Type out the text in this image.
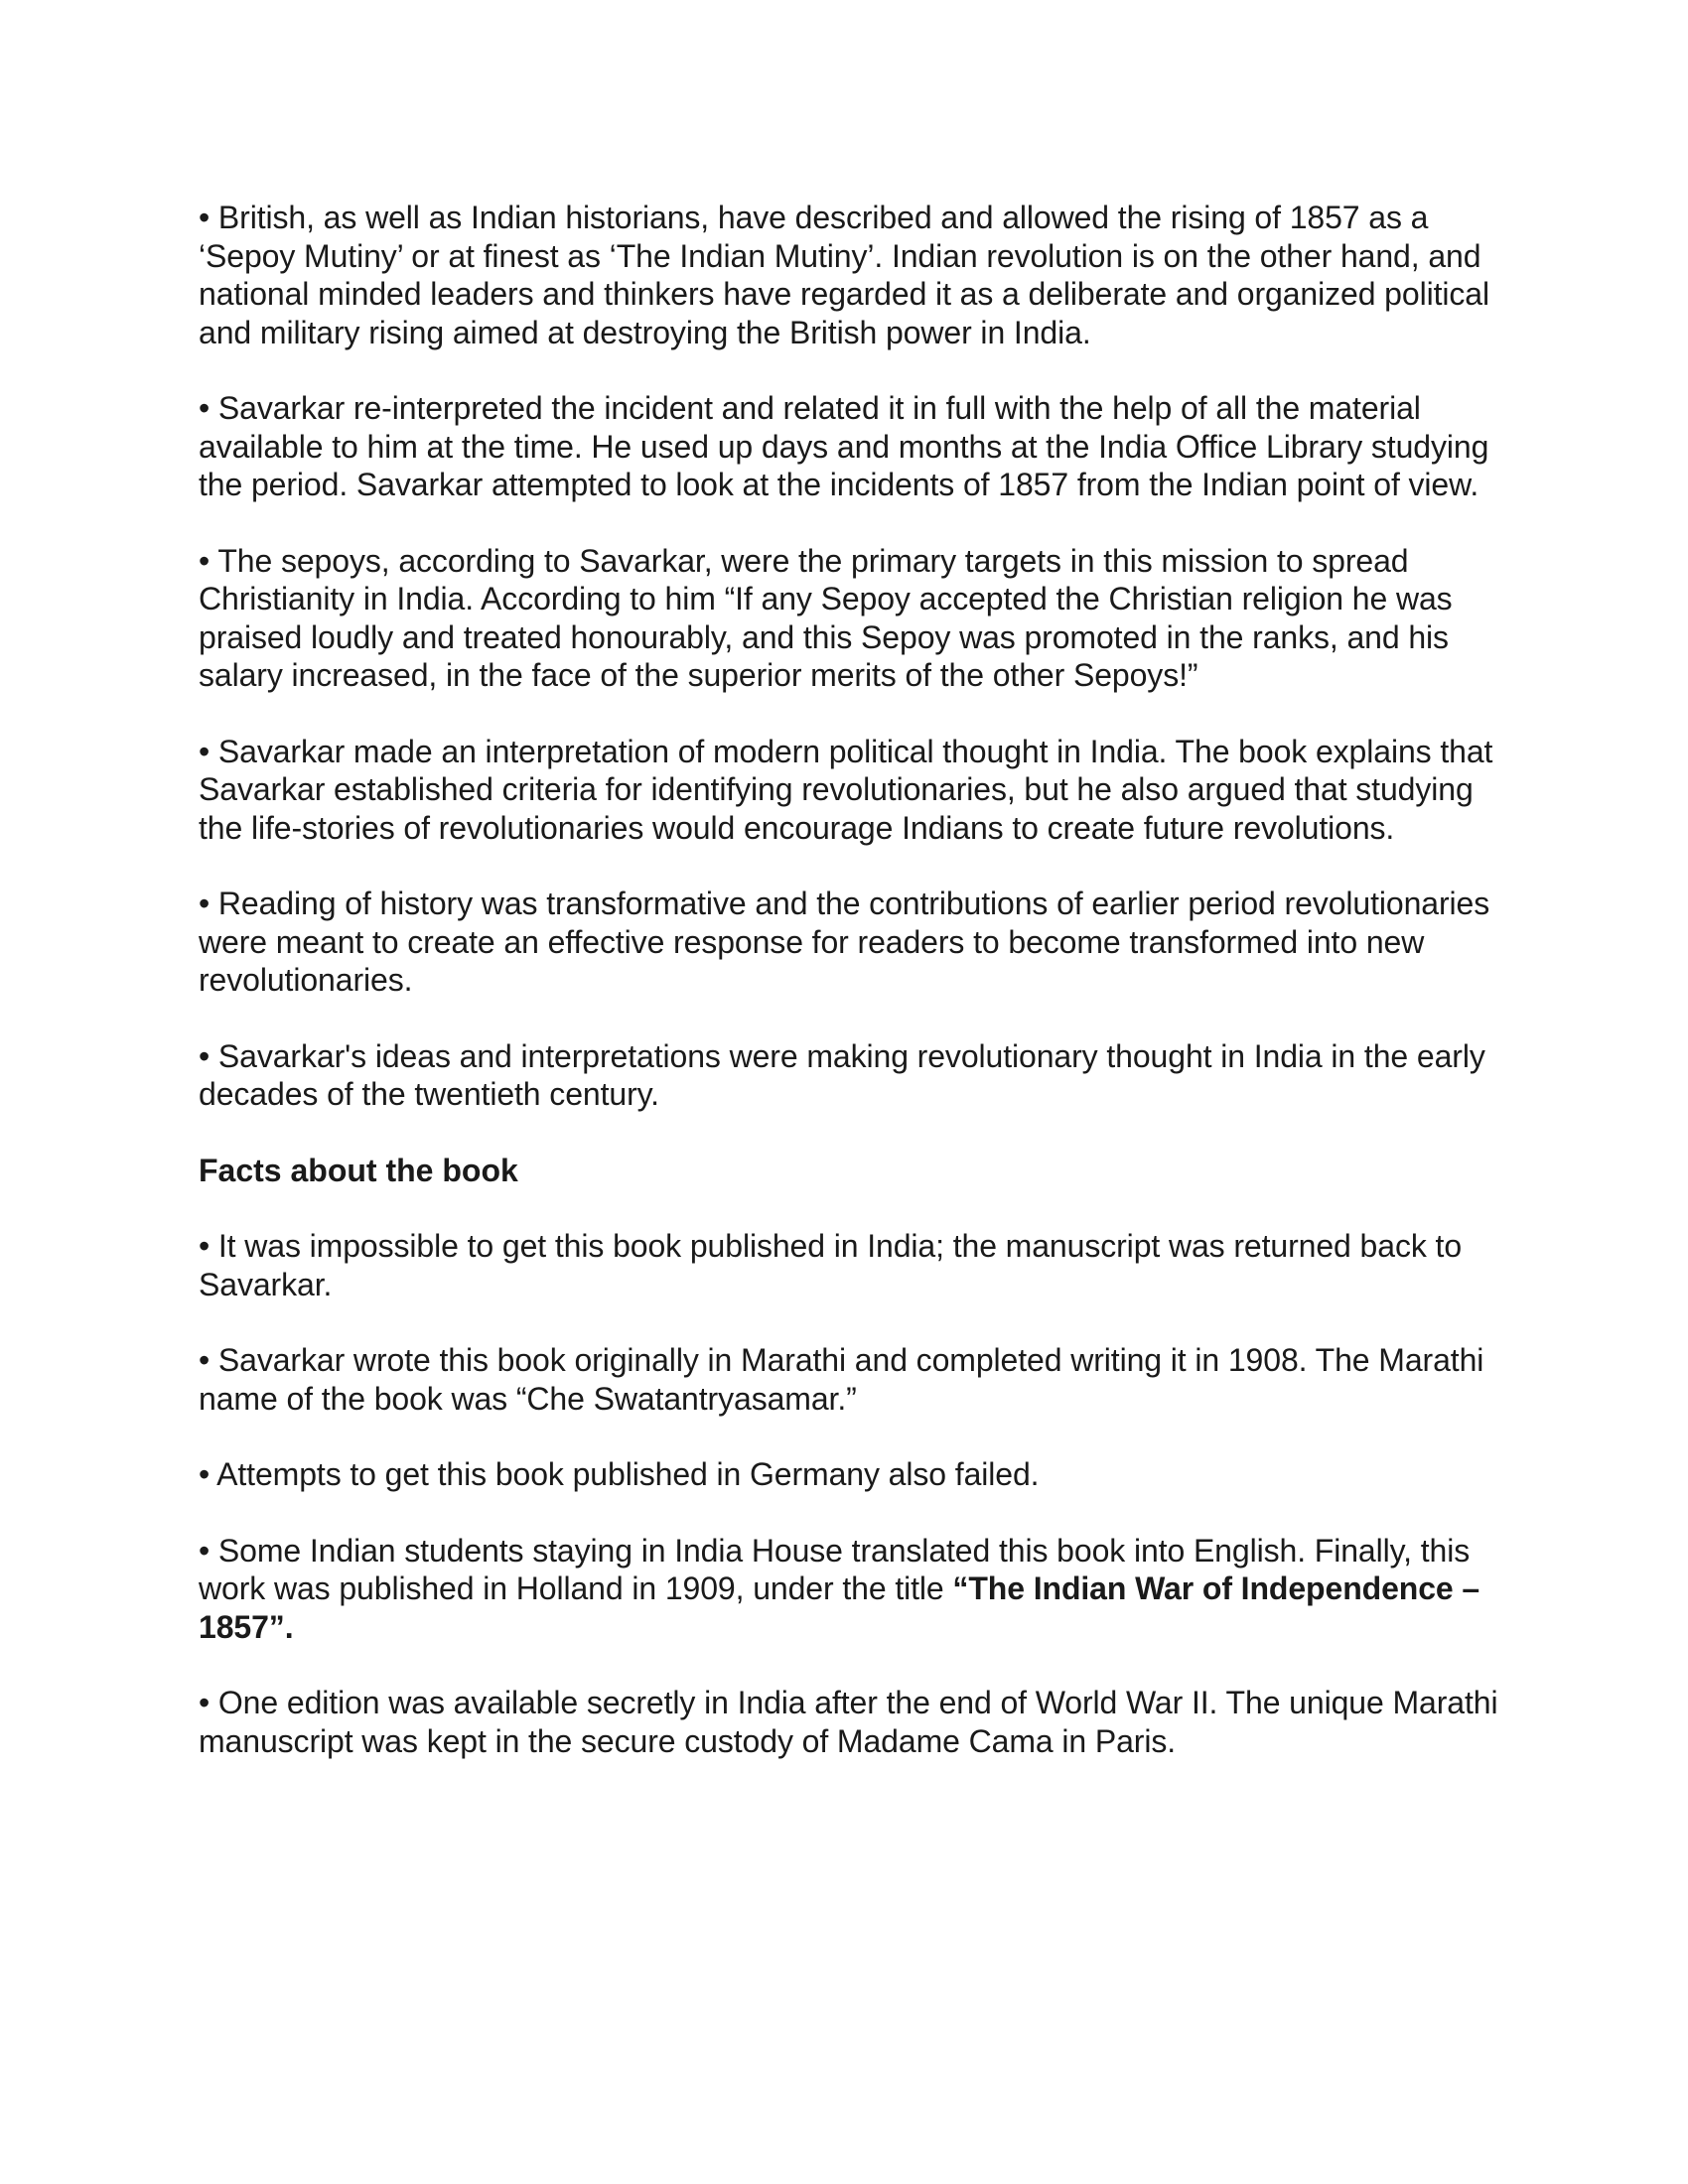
• British, as well as Indian historians, have described and allowed the rising of 1857 as a ‘Sepoy Mutiny’ or at finest as ‘The Indian Mutiny’. Indian revolution is on the other hand, and national minded leaders and thinkers have regarded it as a deliberate and organized political and military rising aimed at destroying the British power in India.

• Savarkar re-interpreted the incident and related it in full with the help of all the material available to him at the time. He used up days and months at the India Office Library studying the period. Savarkar attempted to look at the incidents of 1857 from the Indian point of view.

• The sepoys, according to Savarkar, were the primary targets in this mission to spread Christianity in India. According to him “If any Sepoy accepted the Christian religion he was praised loudly and treated honourably, and this Sepoy was promoted in the ranks, and his salary increased, in the face of the superior merits of the other Sepoys!”

• Savarkar made an interpretation of modern political thought in India. The book explains that Savarkar established criteria for identifying revolutionaries, but he also argued that studying the life-stories of revolutionaries would encourage Indians to create future revolutions.

• Reading of history was transformative and the contributions of earlier period revolutionaries were meant to create an effective response for readers to become transformed into new revolutionaries.

• Savarkar's ideas and interpretations were making revolutionary thought in India in the early decades of the twentieth century.

Facts about the book

• It was impossible to get this book published in India; the manuscript was returned back to Savarkar.

• Savarkar wrote this book originally in Marathi and completed writing it in 1908. The Marathi name of the book was “Che Swatantryasamar.”

• Attempts to get this book published in Germany also failed.

• Some Indian students staying in India House translated this book into English. Finally, this work was published in Holland in 1909, under the title “The Indian War of Independence –1857”.

• One edition was available secretly in India after the end of World War II. The unique Marathi manuscript was kept in the secure custody of Madame Cama in Paris.
